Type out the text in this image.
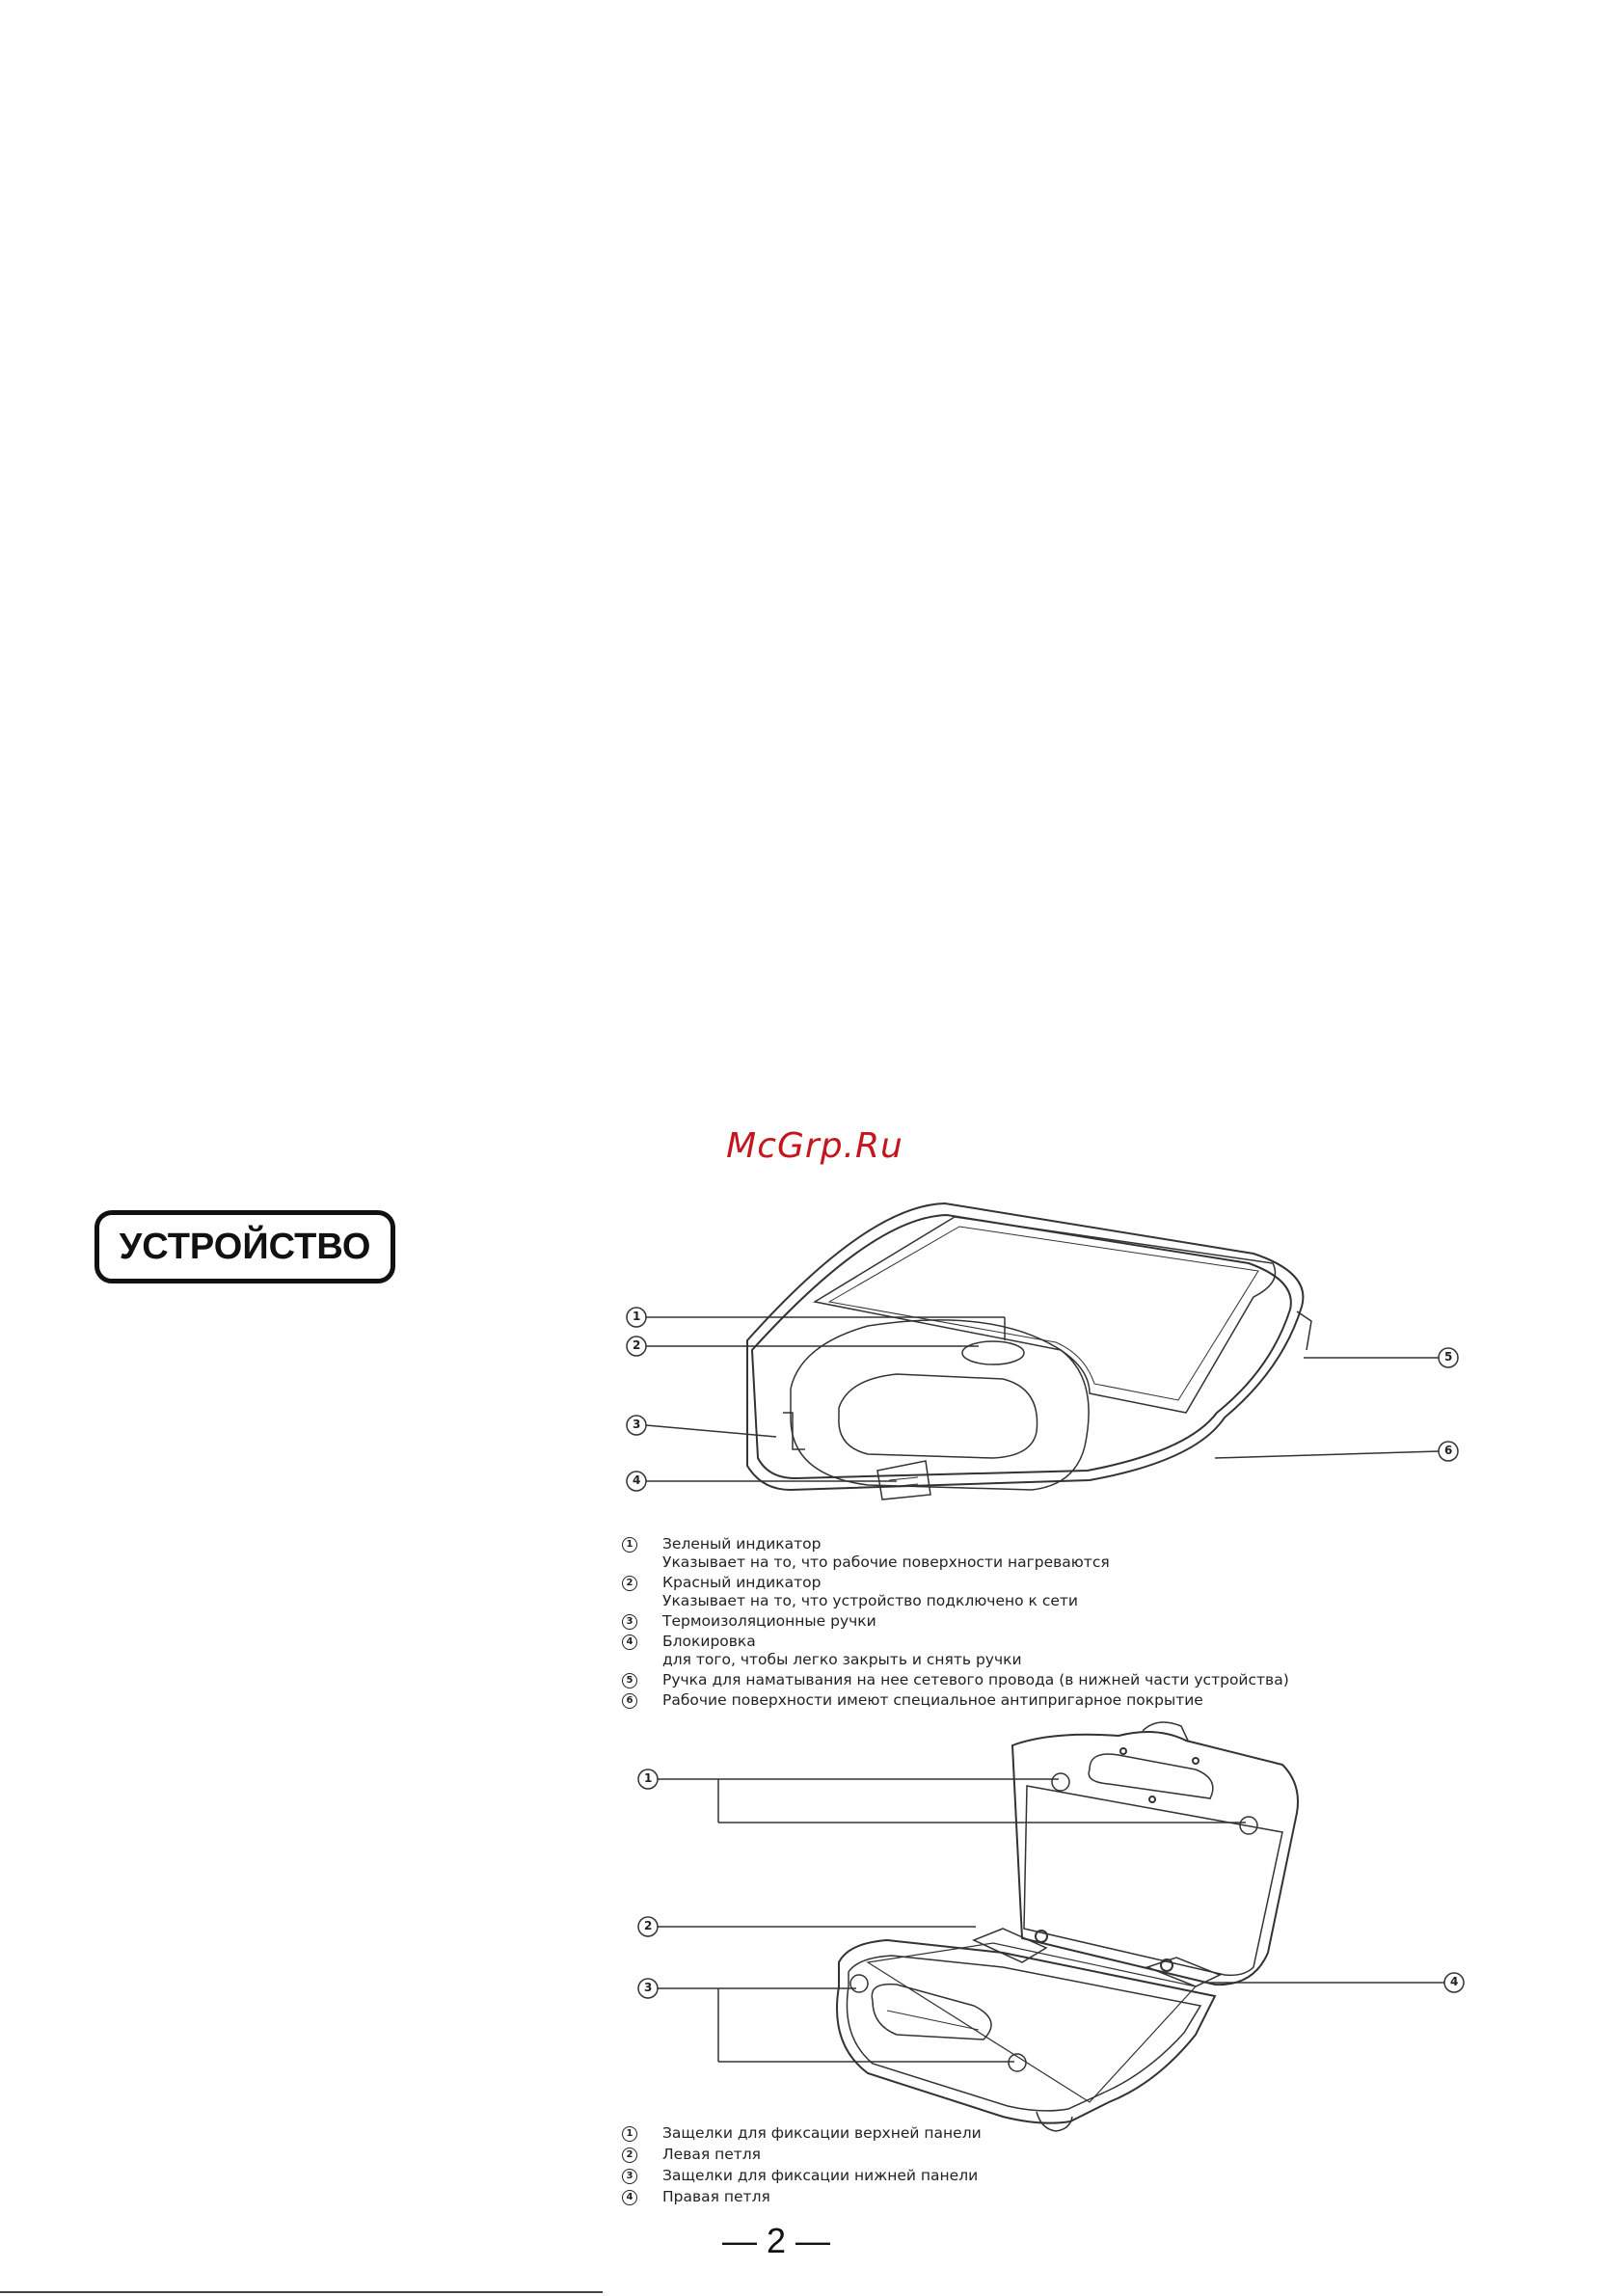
McGrp.Ru
УСТРОЙСТВО
1
2
3
4
5
6
1
2
3	4
1 Зеленый индикатор
Указывает на то, что рабочие поверхности нагреваются
2 Красный индикатор
Указывает на то, что устройство подключено к сети
3 Термоизоляционные ручки
4 Блокировка
для того, чтобы легко закрыть и снять ручки
5 Ручка для наматывания на нее сетевого провода (в нижней части устройства)
6 Рабочие поверхности имеют специальное антипригарное покрытие
1 Защелки для фиксации верхней панели
2 Левая петля
3 Защелки для фиксации нижней панели
4 Правая петля
— 2 —
